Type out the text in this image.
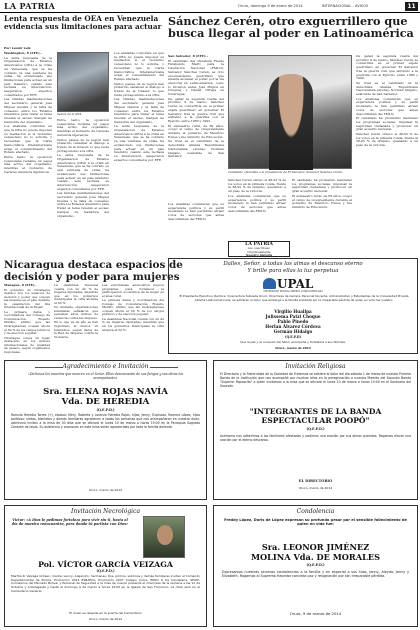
LA PATRIA	Oruro, domingo 9 de enero de 2014	INTERNACIONAL - AVISOS	11
Lenta respuesta de OEA en Venezuela evidencia sus limitaciones para actuar
Por: Leonir Luis

Washington, 8 (EFE).-

La lenta respuesta de la Organización de Estados Americanos (OEA) a la crisis en Venezuela, que se ha cobrado ya una veintena de vidas, ha evidenciado sus limitaciones para actuar en un país miembro cuando éste rechaza su intervención, aseguraron expertos consultados por EFE.

Las tímidas manifestaciones del secretario general José Miguel Insulza y la falta de consenso entre los Estados miembros para tratar el tema revelan el escaso margen de maniobra del organismo.

Los analistas coinciden en que la OEA no puede imponer su mediación si el Gobierno venezolano no lo solicita, y recuerdan que la Carta Democrática Interamericana exige el consentimiento del Estado afectado.

Entre tanto, la oposición venezolana reclama un papel más activo del organismo, mientras el Gobierno de Caracas denuncia injerencia.

Sesión de la OEA.

Entre tanto, la oposición venezolana reclama un papel más activo del organismo, mientras el Gobierno de Caracas denuncia injerencia.

Varios países de la región han preferido canalizar el diálogo a través de la Unasur, lo que resta protagonismo a la OEA.

La lenta respuesta de la Organización de Estados Americanos (OEA) a la crisis en Venezuela, que se ha cobrado ya una veintena de vidas, ha evidenciado sus limitaciones para actuar en un país miembro cuando éste rechaza su intervención, aseguraron expertos consultados por EFE.

Las tímidas manifestaciones del secretario general José Miguel Insulza y la falta de consenso entre los Estados miembros para tratar el tema revelan el escaso margen de maniobra del organismo.

Los analistas coinciden en que la OEA no puede imponer su mediación si el Gobierno venezolano no lo solicita, y recuerdan que la Carta Democrática Interamericana exige el consentimiento del Estado afectado.

Varios países de la región han preferido canalizar el diálogo a través de la Unasur, lo que resta protagonismo a la OEA.

Las tímidas manifestaciones del secretario general José Miguel Insulza y la falta de consenso entre los Estados miembros para tratar el tema revelan el escaso margen de maniobra del organismo.

La lenta respuesta de la Organización de Estados Americanos (OEA) a la crisis en Venezuela, que se ha cobrado ya una veintena de vidas, ha evidenciado sus limitaciones para actuar en un país miembro cuando éste rechaza su intervención, aseguraron expertos consultados por EFE.

Sánchez Cerén, otro exguerrillero que busca llegar al poder en Latinoamérica

San Salvador, 8 (EFE).-

El candidato del oficialista Frente Farabundo Martí para la Liberación Nacional (FMLN), Salvador Sánchez Cerén, es otro excomandante guerrillero que intenta alcanzar el poder por la vía electoral en Latinoamérica, como lo hicieron antes José Mujica en Uruguay y Daniel Ortega en Nicaragua.

De ganar la segunda vuelta del próximo 9 de marzo, Sánchez Cerén se convertiría en el primer exjefe guerrillero en gobernar El Salvador tras la guerra civil que enfrentó a la guerrilla con el Ejército entre 1980 y 1992.

El exmaestro rural, de 69 años, ocupó el cargo de vicepresidente durante el gobierno de Mauricio Funes y fue ministro de Educación.

Su rival es el candidato de la derechista Alianza Republicana Nacionalista (Arena), Norman Quijano, exalcalde de San Salvador.

Candidato oficialista a la presidencia de El Salvador, Salvador Sánchez Cerén.

Sánchez Cerén obtuvo el 48,93 % de los votos en la primera ronda, frente al 38,95 % de Quijano, quedando a un paso de la victoria.

Los analistas consideran que su experiencia política y su perfil moderado le han permitido atraer votos de sectores que antes desconfiaban del FMLN.

El candidato ha prometido mantener los programas sociales, impulsar la seguridad ciudadana y promover un gran acuerdo nacional.

El exmaestro rural, de 69 años, ocupó el cargo de vicepresidente durante el gobierno de Mauricio Funes y fue ministro de Educación.

De ganar la segunda vuelta del próximo 9 de marzo, Sánchez Cerén se convertiría en el primer exjefe guerrillero en gobernar El Salvador tras la guerra civil que enfrentó a la guerrilla con el Ejército entre 1980 y 1992.

Su rival es el candidato de la derechista Alianza Republicana Nacionalista (Arena), Norman Quijano, exalcalde de San Salvador.

Los analistas consideran que su experiencia política y su perfil moderado le han permitido atraer votos de sectores que antes desconfiaban del FMLN.

El candidato ha prometido mantener los programas sociales, impulsar la seguridad ciudadana y promover un gran acuerdo nacional.

Sánchez Cerén obtuvo el 48,93 % de los votos en la primera ronda, frente al 38,95 % de Quijano, quedando a un paso de la victoria.

Los analistas consideran que su experiencia política y su perfil moderado le han permitido atraer votos de sectores que antes desconfiaban del FMLN.

LA PATRIA
lea, suscríbase
Orgullosamente
Nuestro historia
Dalles, Señor, a todas las almas el descanso eterno
Y brille para ellas la luz perpetua
UPAL
UNIVERSIDAD PRIVADA ABIERTA LATINOAMERICANA
El Presidente Ejecutivo, Rectora, Vicerrectora Subsede Oruro, Directores de Carrera, Personal Docente, Administrativo y Estudiantes de la Universidad Privada Abierta Latinoamericana, se adhieren al dolor que embarga a la familia enlutada por la irreparable pérdida de quien en vida fue nuestro:
Virgilio Huallpa
Julissema Patzi Choque
Pablo Pinedo
Herlan Álvarez Córdova
Germán Hidalgo
(Q.E.P.D)
Que la paz y el consuelo del Señor acompañe y fortalezca a sus familias.
Oruro, marzo de 2014
Nicaragua destaca espacios de decisión y poder para mujeres

Managua, 8 (EFE).-

El gobierno de Nicaragua destacó hoy los espacios de decisión y poder que ocupan las mujeres en el país durante la celebración del Día Internacional de la Mujer.

La primera dama y coordinadora del Consejo de Comunicación, Rosario Murillo, afirmó que las nicaragüenses ocupan ahora el 50 % de los cargos públicos y de elección popular.

Nicaragua ocupa un lugar destacado en los índices internacionales de igualdad de género, según organismos regionales.

La Asamblea Nacional cuenta con un 42 % de mujeres diputadas, mientras que en los gobiernos municipales la cifra alcanza el 50 %.

No obstante, organizaciones feministas señalaron que persisten altos índices de violencia contra las mujeres.

En lo que va de año se han registrado al menos 16 femicidios, según datos de la Red de Mujeres contra la Violencia.

Las autoridades anunciaron nuevos programas para fortalecer la participación económica de la mujer en el área rural.

La primera dama y coordinadora del Consejo de Comunicación, Rosario Murillo, afirmó que las nicaragüenses ocupan ahora el 50 % de los cargos públicos y de elección popular.

La Asamblea Nacional cuenta con un 42 % de mujeres diputadas, mientras que en los gobiernos municipales la cifra alcanza el 50 %.

Agradecimiento e Invitación
«Dichosos los muertos que mueren en el Señor. Ellos descansarán de sus fatigas y sus obras los acompañarán»
Sra. ELENA ROJAS NAVÍA
Vda. DE HEREDIA
(Q.E.P.D.)
Romulo Heredia Torres (+), esposo; Mery, Roberto y Lorenzo Heredia Rojas, hijos; Jenny, Espinoza, Romero López, hijos políticos; nietos, bisnietos y demás familiares agradecen a todas las personas que nos acompañaron en nuestro dolor, asimismo invitan a la misa de 30 días que se oficiará el lunes 10 de marzo a horas 19:00 en la Parroquia Sagrado Corazón de Jesús. Su asistencia y oraciones en esta misa serán agradecidas por toda la familia doliente.
Oruro, marzo de 2014
Invitación Religiosa
El Directorio y la Fraternidad de la Sociedad de Fraternos se adhiere al dolor del día sábado 1 de marzo de nuestro Primero Banda de la Institución que nos acompañó por muchos años en la peregrinación a nuestra Mamita del Socavón Banda "Superior Popoocita" a quien invitamos a la misa que se oficiará el lunes 10 de marzo a horas 19:00 en el Santuario del Socavón.
"INTEGRANTES DE LA BANDA ESPECTACULAR POOPÓ"
(Q.E.P.D.)
Asimismo nos adherimos a los familiares afectados y pedimos una oración por sus almas queridas. Rogamos elevar una oración por el eterno descanso.
EL DIRECTORIO
Oruro, marzo de 2014
Invitación Necrológica
Victor: «A Dios le pedimos fortaleza para vivir sin ti, hasta el día de nuestro reencuentro, para donde tú partiste con Dios»
Pol. VÍCTOR GARCÍA VEIZAGA
(Q.E.P.D.)
Martha R. Veizaga Urdaen, madre; Lenny, Alejandro, hermanas; tíos, primos, sobrinos y demás familiares invitan al Comando Departamental de Policía, Promoción 2013 ESBAPOL, Promoción 2007 Colegio Sucre, ENSO 9 los Candelaria, SEGIP, Comisarios del Mercado Bolívar y Personal de Seguridad a la misa de cuerpo presente el miércoles de la semana a las 12 de Octubre y Antofagasta y hasta el domingo 9 de marzo a horas 15:00 en la Iglesia de San Francisco. La misa será en el Cementerio General.
El duelo se despide en la puerta del Cementerio
Oruro, marzo de 2014
Condolencia
Freddy López, Doris de López expresan su profundo pesar por el sensible fallecimiento de quien en vida fue:
Sra. LEONOR JIMÉNEZ
MOLINA Vda. DE MORALES
(Q.E.P.D.)
Expresamos nuestras sinceras condolencias a la familia y en especial a sus hijas, Jenny, Aleyda, Jenny y Elizabeth. Rogamos al Supremo Hacedor conceda paz y resignación por tan irreparable pérdida.
Oruro, 9 de marzo de 2014
